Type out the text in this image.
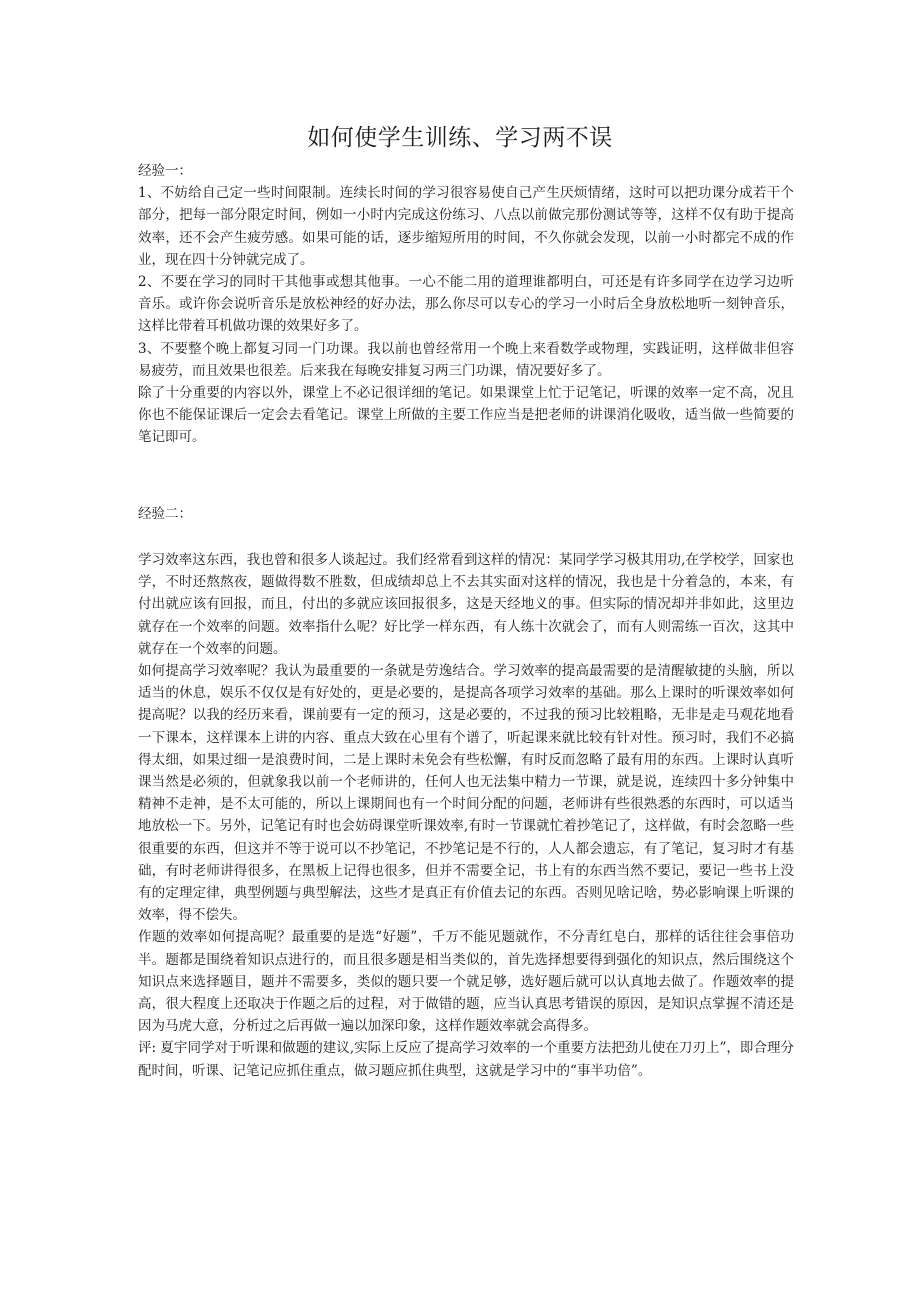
如何使学生训练、学习两不误

经验一：

1、不妨给自己定一些时间限制。连续长时间的学习很容易使自己产生厌烦情绪，这时可以把功课分成若干个部分，把每一部分限定时间，例如一小时内完成这份练习、八点以前做完那份测试等等，这样不仅有助于提高效率，还不会产生疲劳感。如果可能的话，逐步缩短所用的时间，不久你就会发现，以前一小时都完不成的作业，现在四十分钟就完成了。

2、不要在学习的同时干其他事或想其他事。一心不能二用的道理谁都明白，可还是有许多同学在边学习边听音乐。或许你会说听音乐是放松神经的好办法，那么你尽可以专心的学习一小时后全身放松地听一刻钟音乐，这样比带着耳机做功课的效果好多了。

3、不要整个晚上都复习同一门功课。我以前也曾经常用一个晚上来看数学或物理，实践证明，这样做非但容易疲劳，而且效果也很差。后来我在每晚安排复习两三门功课，情况要好多了。

除了十分重要的内容以外，课堂上不必记很详细的笔记。如果课堂上忙于记笔记，听课的效率一定不高，况且你也不能保证课后一定会去看笔记。课堂上所做的主要工作应当是把老师的讲课消化吸收，适当做一些简要的笔记即可。

经验二：

学习效率这东西，我也曾和很多人谈起过。我们经常看到这样的情况：某同学学习极其用功,在学校学，回家也学，不时还熬熬夜，题做得数不胜数，但成绩却总上不去其实面对这样的情况，我也是十分着急的，本来，有付出就应该有回报，而且，付出的多就应该回报很多，这是天经地义的事。但实际的情况却并非如此，这里边就存在一个效率的问题。效率指什么呢？好比学一样东西，有人练十次就会了，而有人则需练一百次，这其中就存在一个效率的问题。

如何提高学习效率呢？我认为最重要的一条就是劳逸结合。学习效率的提高最需要的是清醒敏捷的头脑，所以适当的休息，娱乐不仅仅是有好处的，更是必要的，是提高各项学习效率的基础。那么上课时的听课效率如何提高呢？以我的经历来看，课前要有一定的预习，这是必要的，不过我的预习比较粗略，无非是走马观花地看一下课本，这样课本上讲的内容、重点大致在心里有个谱了，听起课来就比较有针对性。预习时，我们不必搞得太细，如果过细一是浪费时间，二是上课时未免会有些松懈，有时反而忽略了最有用的东西。上课时认真听课当然是必须的，但就象我以前一个老师讲的，任何人也无法集中精力一节课，就是说，连续四十多分钟集中精神不走神，是不太可能的，所以上课期间也有一个时间分配的问题，老师讲有些很熟悉的东西时，可以适当地放松一下。另外，记笔记有时也会妨碍课堂听课效率,有时一节课就忙着抄笔记了，这样做，有时会忽略一些很重要的东西，但这并不等于说可以不抄笔记，不抄笔记是不行的，人人都会遗忘，有了笔记，复习时才有基础，有时老师讲得很多，在黑板上记得也很多，但并不需要全记，书上有的东西当然不要记，要记一些书上没有的定理定律，典型例题与典型解法，这些才是真正有价值去记的东西。否则见啥记啥，势必影响课上听课的效率，得不偿失。

作题的效率如何提高呢？最重要的是选“好题”，千万不能见题就作，不分青红皂白，那样的话往往会事倍功半。题都是围绕着知识点进行的，而且很多题是相当类似的，首先选择想要得到强化的知识点，然后围绕这个知识点来选择题目，题并不需要多，类似的题只要一个就足够，选好题后就可以认真地去做了。作题效率的提高，很大程度上还取决于作题之后的过程，对于做错的题，应当认真思考错误的原因，是知识点掌握不清还是因为马虎大意，分析过之后再做一遍以加深印象，这样作题效率就会高得多。

评: 夏宇同学对于听课和做题的建议,实际上反应了提高学习效率的一个重要方法把劲儿使在刀刃上”，即合理分配时间，听课、记笔记应抓住重点，做习题应抓住典型，这就是学习中的“事半功倍”。
